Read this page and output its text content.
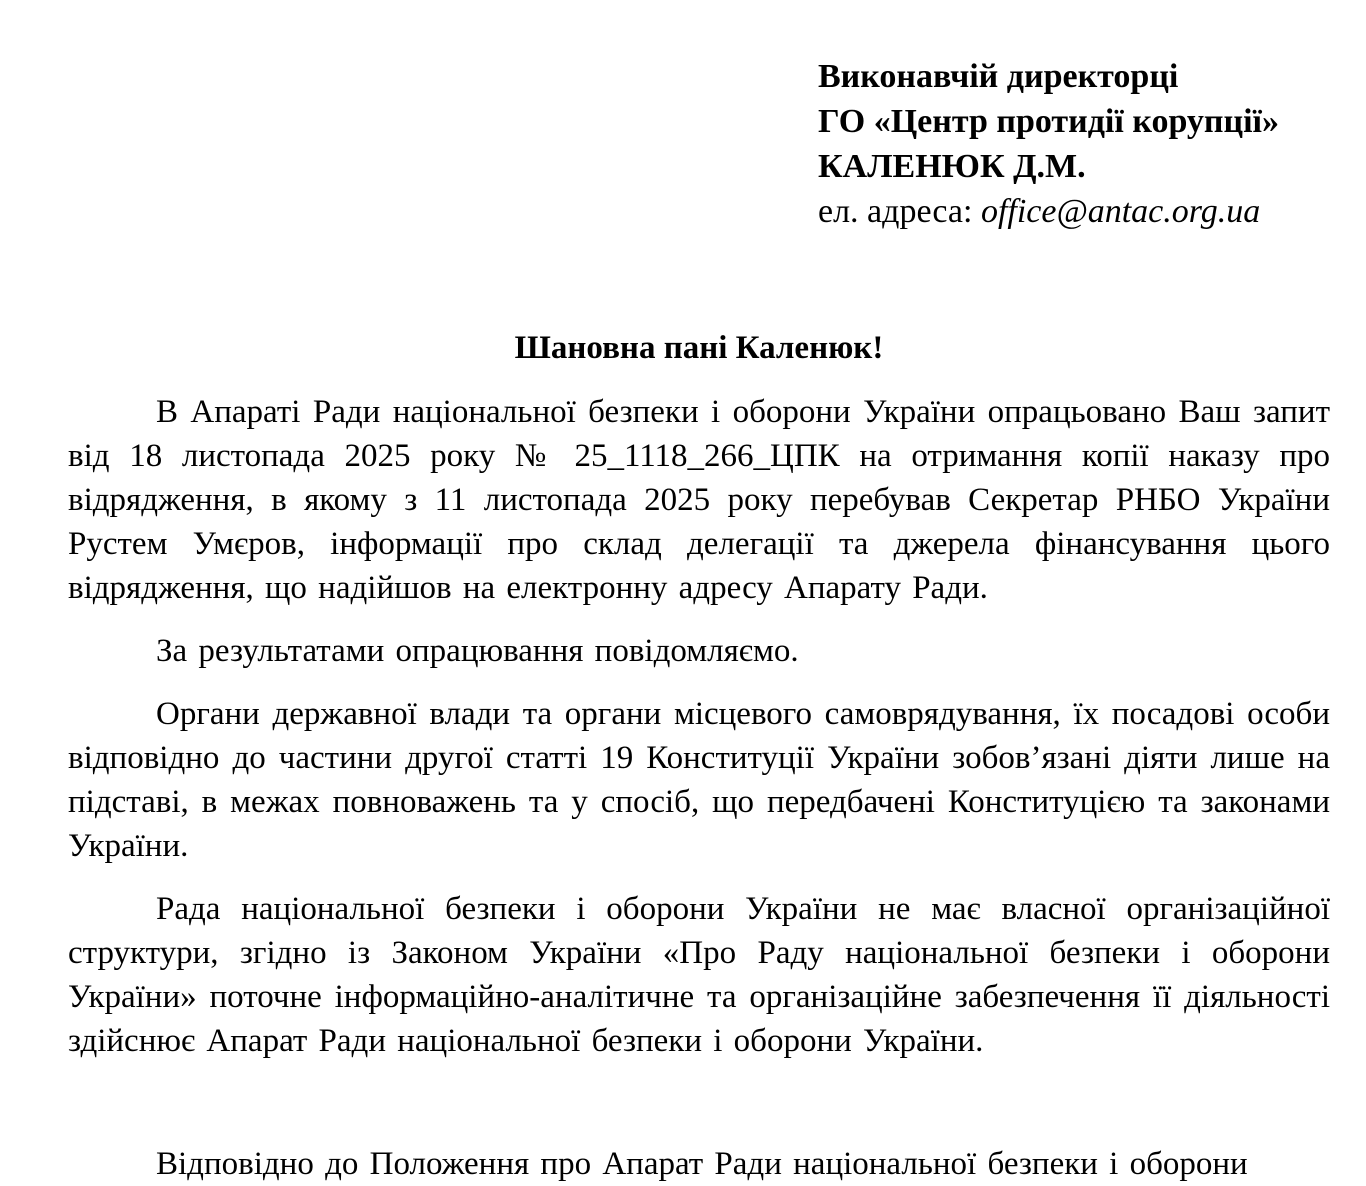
Виконавчій директорці

ГО «Центр протидії корупції»

КАЛЕНЮК Д.М.

ел. адреса: office@antac.org.ua

Шановна пані Каленюк!

В Апараті Ради національної безпеки і оборони України опрацьовано Ваш запит від 18 листопада 2025 року № 25_1118_266_ЦПК на отримання копії наказу про відрядження, в якому з 11 листопада 2025 року перебував Секретар РНБО України Рустем Умєров, інформації про склад делегації та джерела фінансування цього відрядження, що надійшов на електронну адресу Апарату Ради.

За результатами опрацювання повідомляємо.

Органи державної влади та органи місцевого самоврядування, їх посадові особи відповідно до частини другої статті 19 Конституції України зобов’язані діяти лише на підставі, в межах повноважень та у спосіб, що передбачені Конституцією та законами України.

Рада національної безпеки і оборони України не має власної організаційної структури, згідно із Законом України «Про Раду національної безпеки і оборони України» поточне інформаційно-аналітичне та організаційне забезпечення її діяльності здійснює Апарат Ради національної безпеки і оборони України.

Відповідно до Положення про Апарат Ради національної безпеки і оборони
